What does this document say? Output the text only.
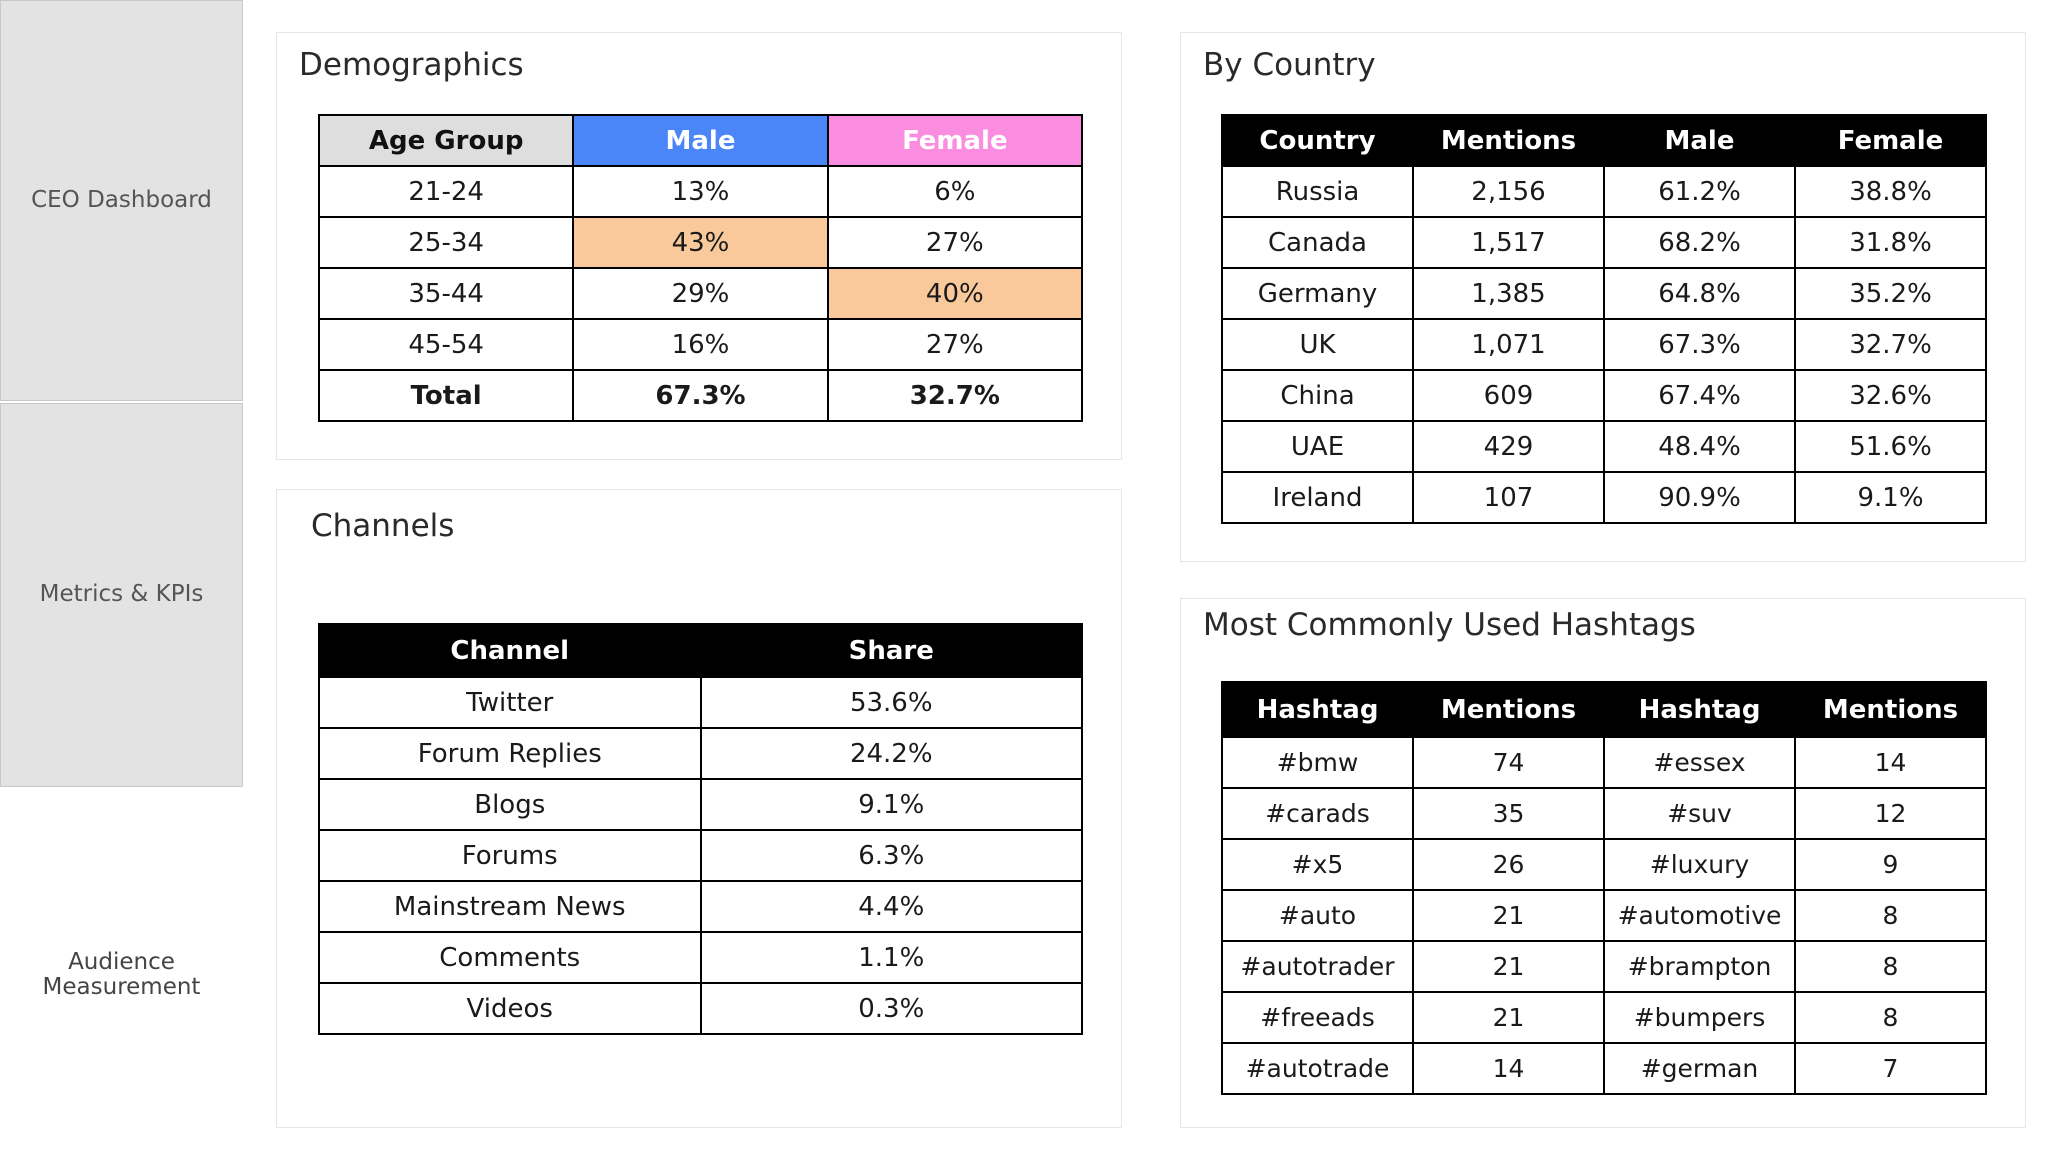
CEO Dashboard
Metrics & KPIs
Audience Measurement
Demographics
Age Group	Male	Female
21-24	13%	6%
25-34	43%	27%
35-44	29%	40%
45-54	16%	27%
Total	67.3%	32.7%
Channels
Channel	Share
Twitter	53.6%
Forum Replies	24.2%
Blogs	9.1%
Forums	6.3%
Mainstream News	4.4%
Comments	1.1%
Videos	0.3%
By Country
Country	Mentions	Male	Female
Russia	2,156	61.2%	38.8%
Canada	1,517	68.2%	31.8%
Germany	1,385	64.8%	35.2%
UK	1,071	67.3%	32.7%
China	609	67.4%	32.6%
UAE	429	48.4%	51.6%
Ireland	107	90.9%	9.1%
Most Commonly Used Hashtags
Hashtag	Mentions	Hashtag	Mentions
#bmw	74	#essex	14
#carads	35	#suv	12
#x5	26	#luxury	9
#auto	21	#automotive	8
#autotrader	21	#brampton	8
#freeads	21	#bumpers	8
#autotrade	14	#german	7
